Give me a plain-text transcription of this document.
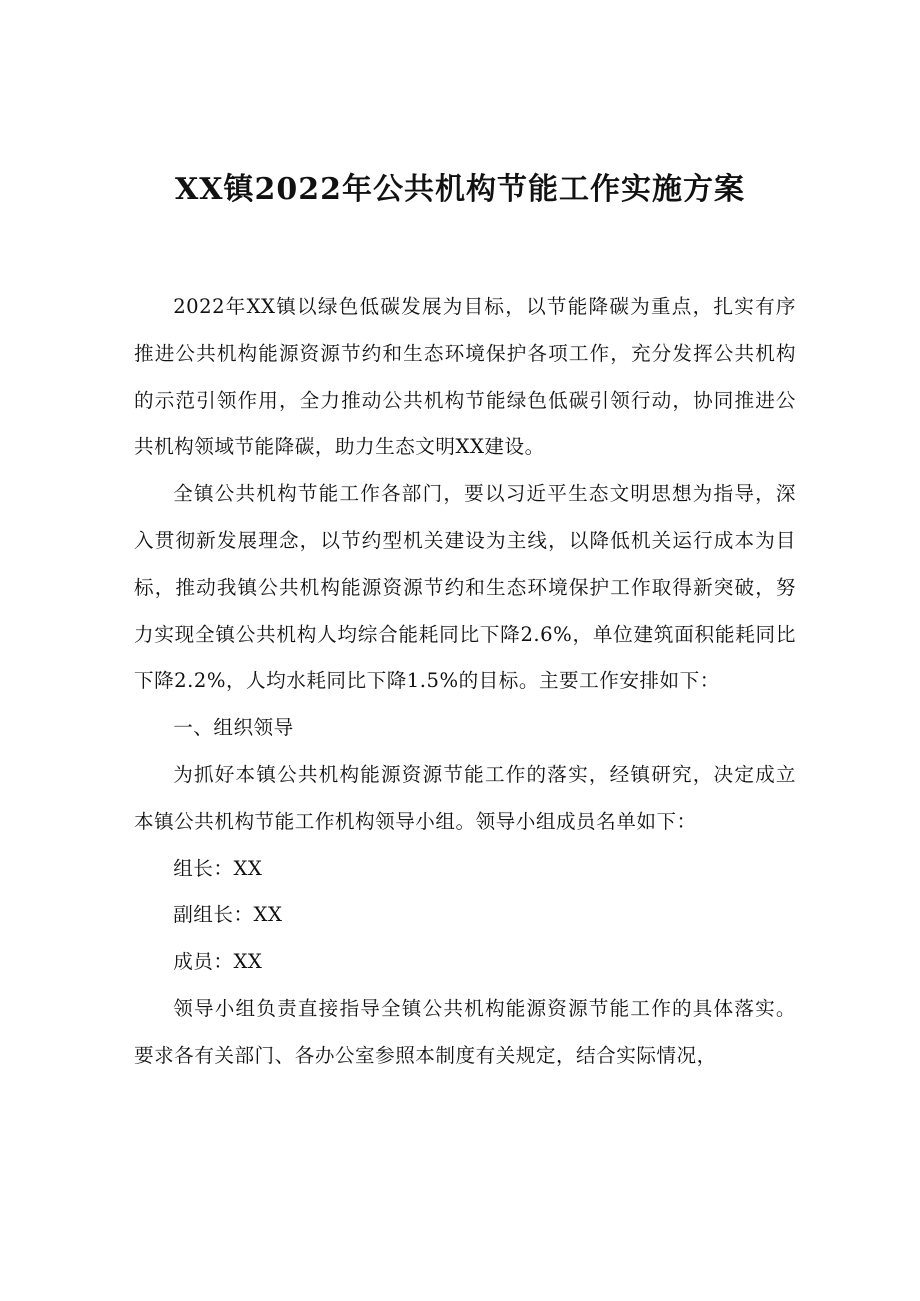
XX镇2022年公共机构节能工作实施方案

2022年XX镇以绿色低碳发展为目标，以节能降碳为重点，扎实有序推进公共机构能源资源节约和生态环境保护各项工作，充分发挥公共机构的示范引领作用，全力推动公共机构节能绿色低碳引领行动，协同推进公共机构领域节能降碳，助力生态文明XX建设。

全镇公共机构节能工作各部门，要以习近平生态文明思想为指导，深入贯彻新发展理念，以节约型机关建设为主线，以降低机关运行成本为目标，推动我镇公共机构能源资源节约和生态环境保护工作取得新突破，努力实现全镇公共机构人均综合能耗同比下降2.6%，单位建筑面积能耗同比下降2.2%，人均水耗同比下降1.5%的目标。主要工作安排如下：

一、组织领导

为抓好本镇公共机构能源资源节能工作的落实，经镇研究，决定成立本镇公共机构节能工作机构领导小组。领导小组成员名单如下：

组长：XX

副组长：XX

成员：XX

领导小组负责直接指导全镇公共机构能源资源节能工作的具体落实。要求各有关部门、各办公室参照本制度有关规定，结合实际情况，
